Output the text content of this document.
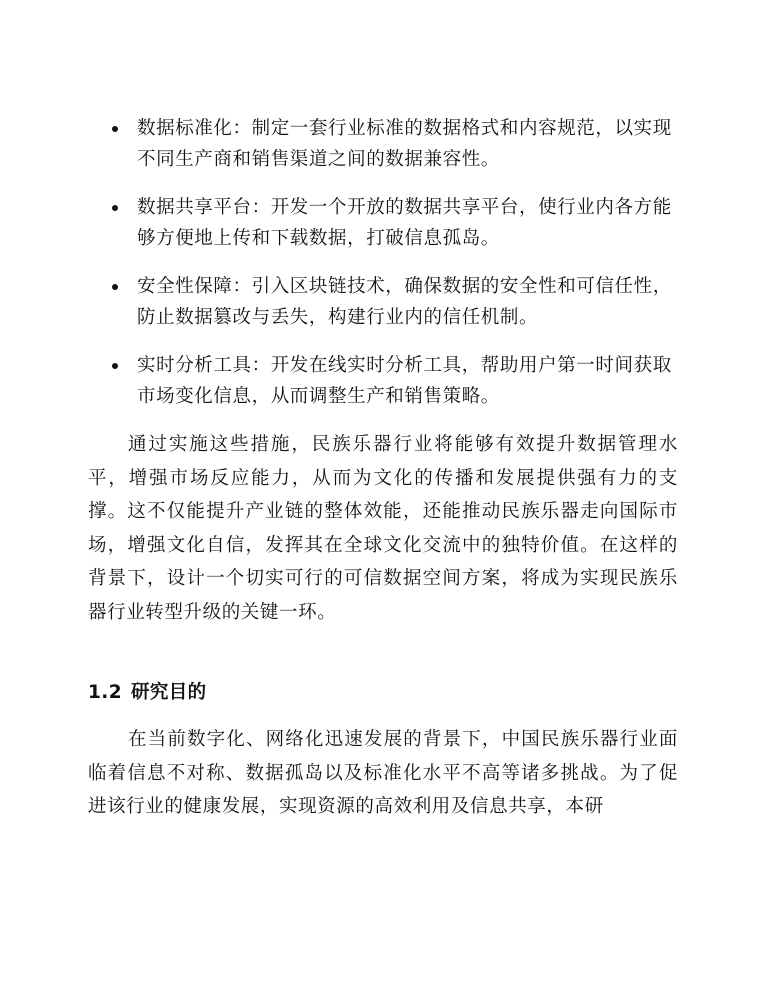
数据标准化：制定一套行业标准的数据格式和内容规范，以实现不同生产商和销售渠道之间的数据兼容性。
数据共享平台：开发一个开放的数据共享平台，使行业内各方能够方便地上传和下载数据，打破信息孤岛。
安全性保障：引入区块链技术，确保数据的安全性和可信任性，防止数据篡改与丢失，构建行业内的信任机制。
实时分析工具：开发在线实时分析工具，帮助用户第一时间获取市场变化信息，从而调整生产和销售策略。

通过实施这些措施，民族乐器行业将能够有效提升数据管理水平，增强市场反应能力，从而为文化的传播和发展提供强有力的支撑。这不仅能提升产业链的整体效能，还能推动民族乐器走向国际市场，增强文化自信，发挥其在全球文化交流中的独特价值。在这样的背景下，设计一个切实可行的可信数据空间方案，将成为实现民族乐器行业转型升级的关键一环。

1.2 研究目的

在当前数字化、网络化迅速发展的背景下，中国民族乐器行业面临着信息不对称、数据孤岛以及标准化水平不高等诸多挑战。为了促进该行业的健康发展，实现资源的高效利用及信息共享，本研
